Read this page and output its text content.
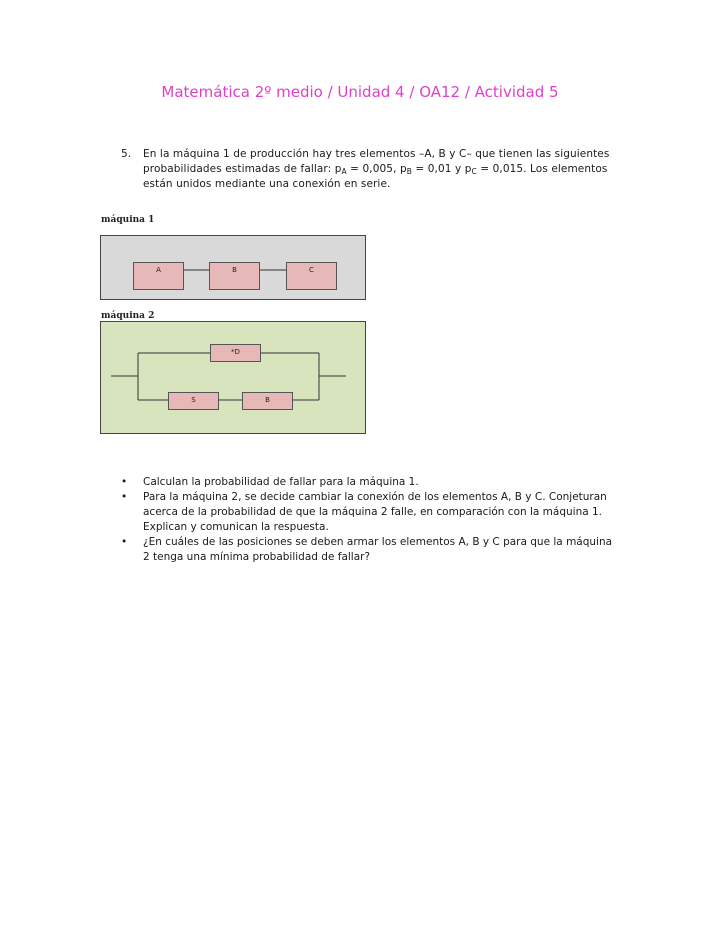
Matemática 2º medio / Unidad 4 / OA12 / Actividad 5
5. En la máquina 1 de producción hay tres elementos –A, B y C– que tienen las siguientes probabilidades estimadas de fallar: $p_A = 0,005$, $p_B = 0,01$ y $p_C = 0,015$. Los elementos están unidos mediante una conexión en serie.
máquina 1
A	B	C
máquina 2
*D
S	B
• Calculan la probabilidad de fallar para la máquina 1.
• Para la máquina 2, se decide cambiar la conexión de los elementos A, B y C. Conjeturan acerca de la probabilidad de que la máquina 2 falle, en comparación con la máquina 1. Explican y comunican la respuesta.
• ¿En cuáles de las posiciones se deben armar los elementos A, B y C para que la máquina 2 tenga una mínima probabilidad de fallar?
